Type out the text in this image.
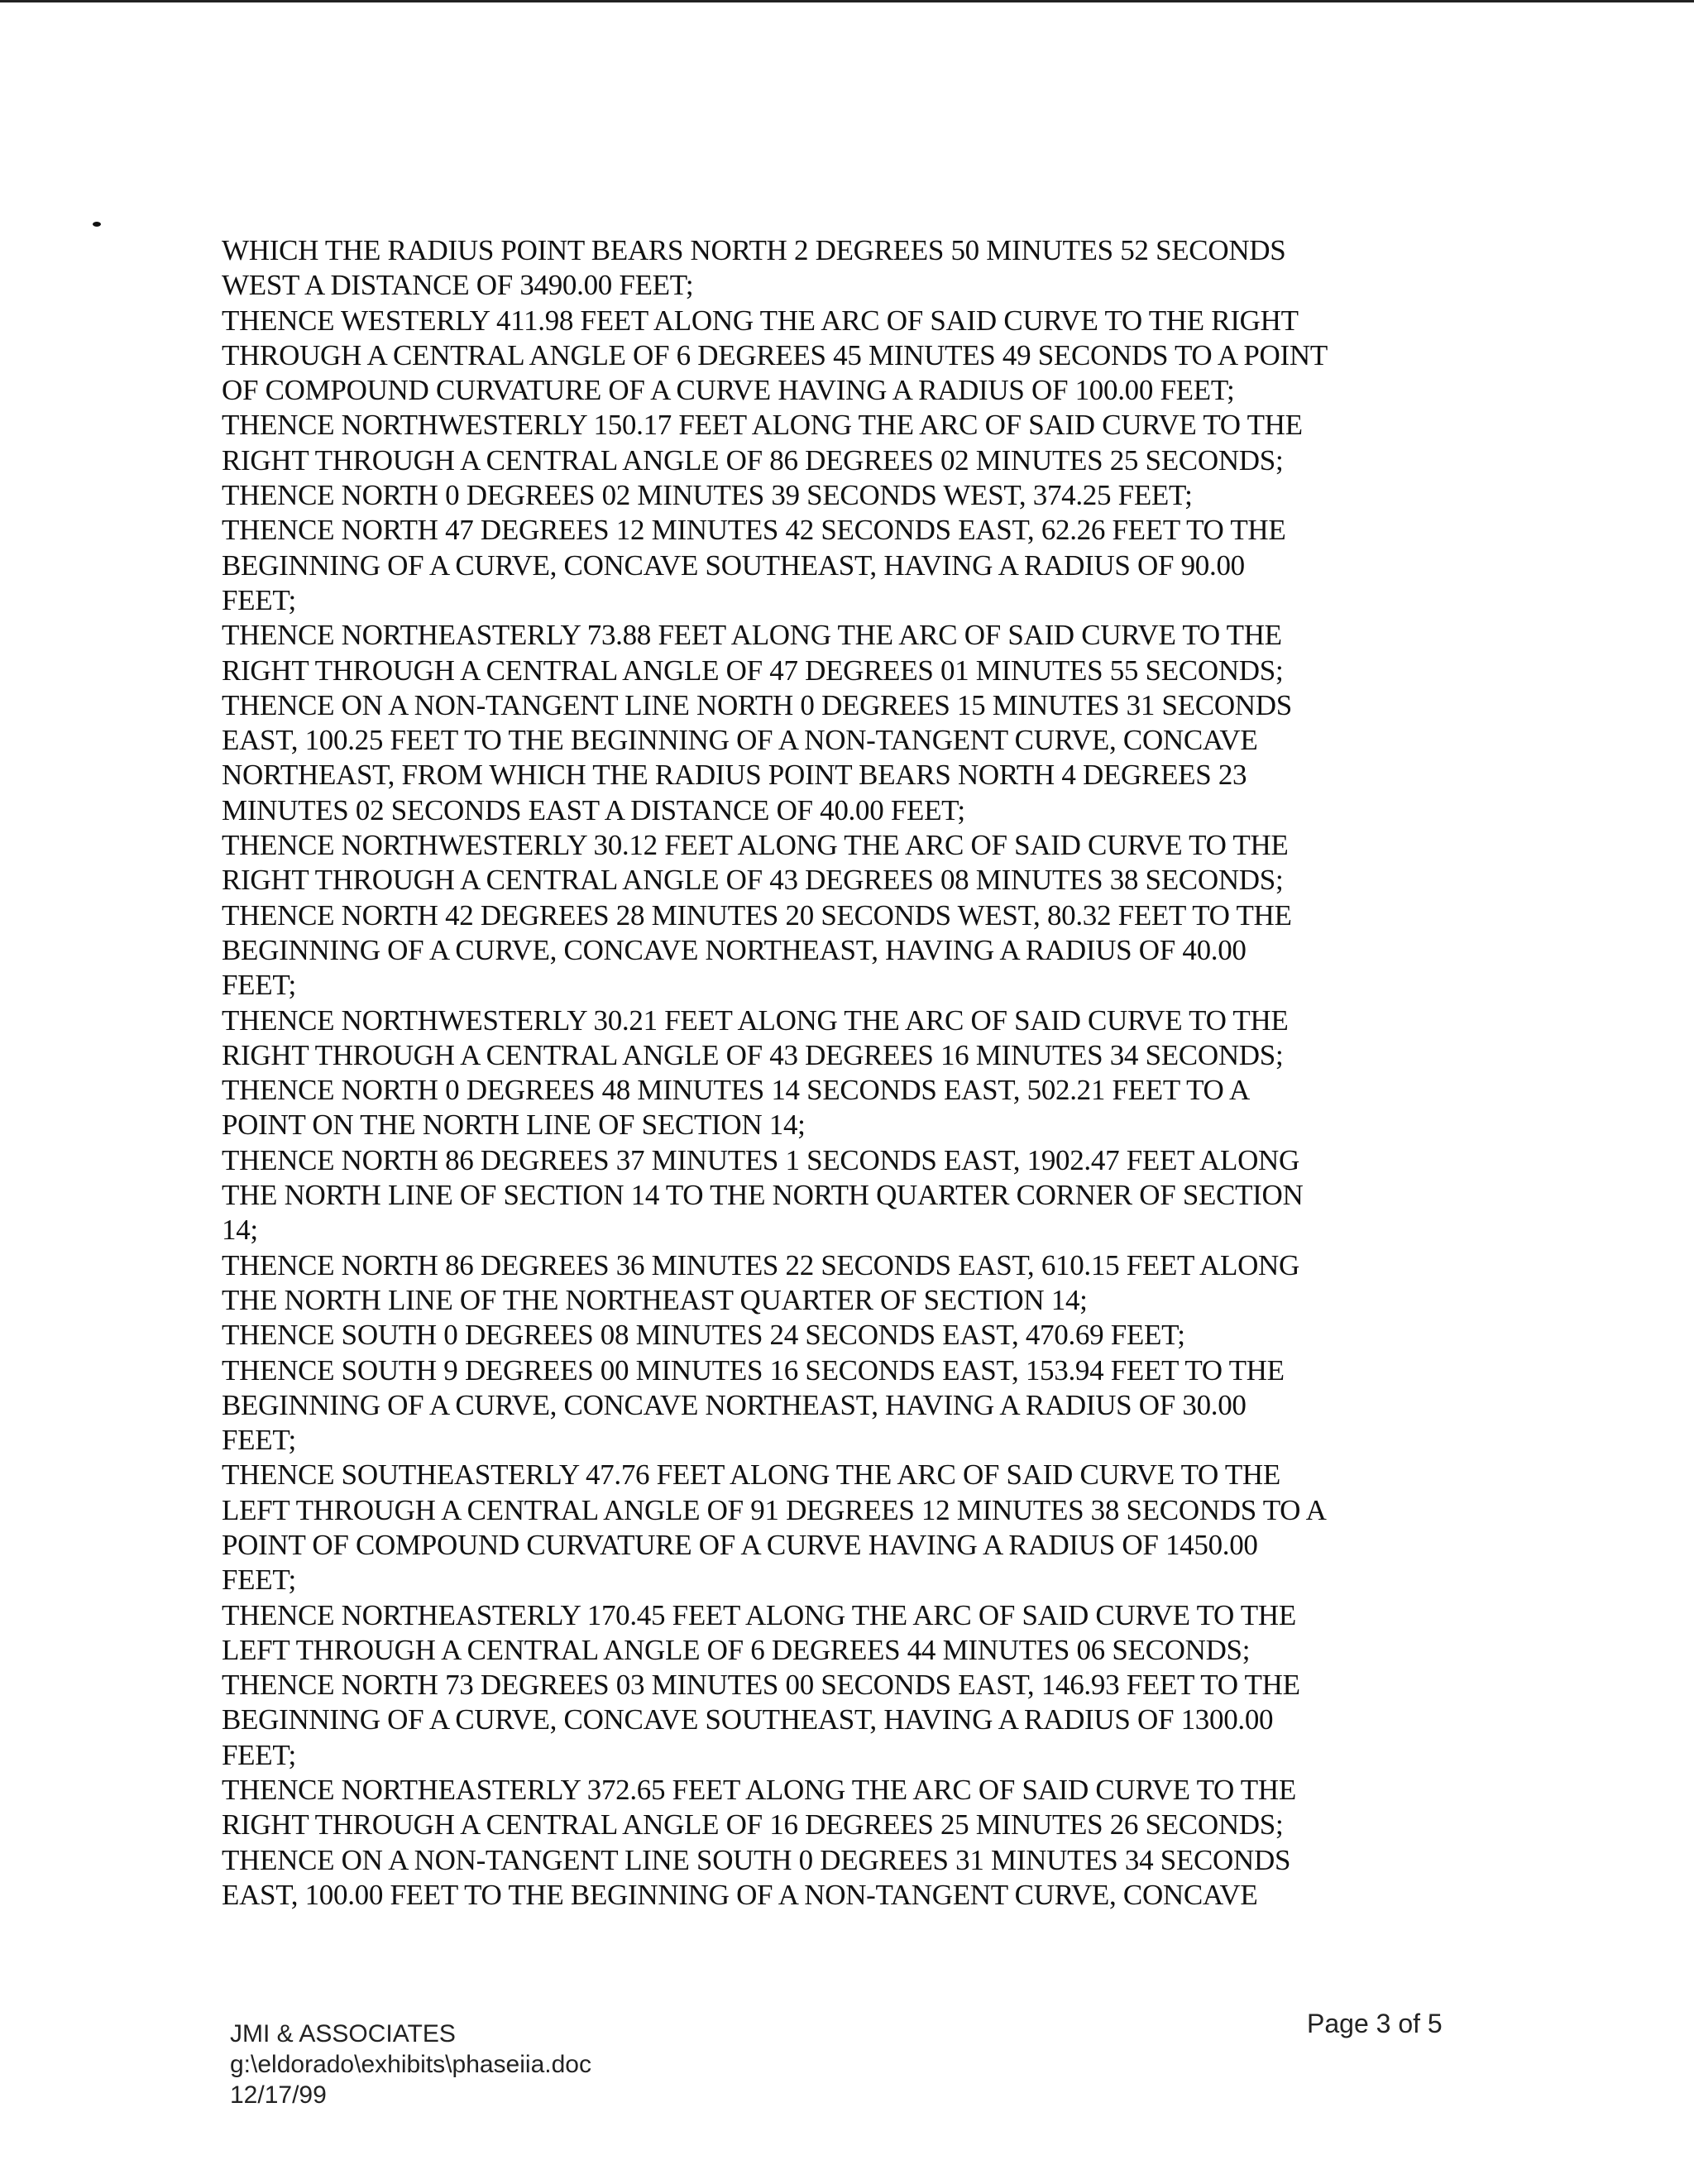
WHICH THE RADIUS POINT BEARS NORTH 2 DEGREES 50 MINUTES 52 SECONDS
WEST A DISTANCE OF 3490.00 FEET;
THENCE WESTERLY 411.98 FEET ALONG THE ARC OF SAID CURVE TO THE RIGHT
THROUGH A CENTRAL ANGLE OF 6 DEGREES 45 MINUTES 49 SECONDS TO A POINT
OF COMPOUND CURVATURE OF A CURVE HAVING A RADIUS OF 100.00 FEET;
THENCE NORTHWESTERLY 150.17 FEET ALONG THE ARC OF SAID CURVE TO THE
RIGHT THROUGH A CENTRAL ANGLE OF 86 DEGREES 02 MINUTES 25 SECONDS;
THENCE NORTH 0 DEGREES 02 MINUTES 39 SECONDS WEST, 374.25 FEET;
THENCE NORTH 47 DEGREES 12 MINUTES 42 SECONDS EAST, 62.26 FEET TO THE
BEGINNING OF A CURVE, CONCAVE SOUTHEAST, HAVING A RADIUS OF 90.00
FEET;
THENCE NORTHEASTERLY 73.88 FEET ALONG THE ARC OF SAID CURVE TO THE
RIGHT THROUGH A CENTRAL ANGLE OF 47 DEGREES 01 MINUTES 55 SECONDS;
THENCE ON A NON-TANGENT LINE NORTH 0 DEGREES 15 MINUTES 31 SECONDS
EAST, 100.25 FEET TO THE BEGINNING OF A NON-TANGENT CURVE, CONCAVE
NORTHEAST, FROM WHICH THE RADIUS POINT BEARS NORTH 4 DEGREES 23
MINUTES 02 SECONDS EAST A DISTANCE OF 40.00 FEET;
THENCE NORTHWESTERLY 30.12 FEET ALONG THE ARC OF SAID CURVE TO THE
RIGHT THROUGH A CENTRAL ANGLE OF 43 DEGREES 08 MINUTES 38 SECONDS;
THENCE NORTH 42 DEGREES 28 MINUTES 20 SECONDS WEST, 80.32 FEET TO THE
BEGINNING OF A CURVE, CONCAVE NORTHEAST, HAVING A RADIUS OF 40.00
FEET;
THENCE NORTHWESTERLY 30.21 FEET ALONG THE ARC OF SAID CURVE TO THE
RIGHT THROUGH A CENTRAL ANGLE OF 43 DEGREES 16 MINUTES 34 SECONDS;
THENCE NORTH 0 DEGREES 48 MINUTES 14 SECONDS EAST, 502.21 FEET TO A
POINT ON THE NORTH LINE OF SECTION 14;
THENCE NORTH 86 DEGREES 37 MINUTES 1 SECONDS EAST, 1902.47 FEET ALONG
THE NORTH LINE OF SECTION 14 TO THE NORTH QUARTER CORNER OF SECTION
14;
THENCE NORTH 86 DEGREES 36 MINUTES 22 SECONDS EAST, 610.15 FEET ALONG
THE NORTH LINE OF THE NORTHEAST QUARTER OF SECTION 14;
THENCE SOUTH 0 DEGREES 08 MINUTES 24 SECONDS EAST, 470.69 FEET;
THENCE SOUTH 9 DEGREES 00 MINUTES 16 SECONDS EAST, 153.94 FEET TO THE
BEGINNING OF A CURVE, CONCAVE NORTHEAST, HAVING A RADIUS OF 30.00
FEET;
THENCE SOUTHEASTERLY 47.76 FEET ALONG THE ARC OF SAID CURVE TO THE
LEFT THROUGH A CENTRAL ANGLE OF 91 DEGREES 12 MINUTES 38 SECONDS TO A
POINT OF COMPOUND CURVATURE OF A CURVE HAVING A RADIUS OF 1450.00
FEET;
THENCE NORTHEASTERLY 170.45 FEET ALONG THE ARC OF SAID CURVE TO THE
LEFT THROUGH A CENTRAL ANGLE OF 6 DEGREES 44 MINUTES 06 SECONDS;
THENCE NORTH 73 DEGREES 03 MINUTES 00 SECONDS EAST, 146.93 FEET TO THE
BEGINNING OF A CURVE, CONCAVE SOUTHEAST, HAVING A RADIUS OF 1300.00
FEET;
THENCE NORTHEASTERLY 372.65 FEET ALONG THE ARC OF SAID CURVE TO THE
RIGHT THROUGH A CENTRAL ANGLE OF 16 DEGREES 25 MINUTES 26 SECONDS;
THENCE ON A NON-TANGENT LINE SOUTH 0 DEGREES 31 MINUTES 34 SECONDS
EAST, 100.00 FEET TO THE BEGINNING OF A NON-TANGENT CURVE, CONCAVE
JMI & ASSOCIATES
g:\eldorado\exhibits\phaseiia.doc
12/17/99
Page 3 of 5
